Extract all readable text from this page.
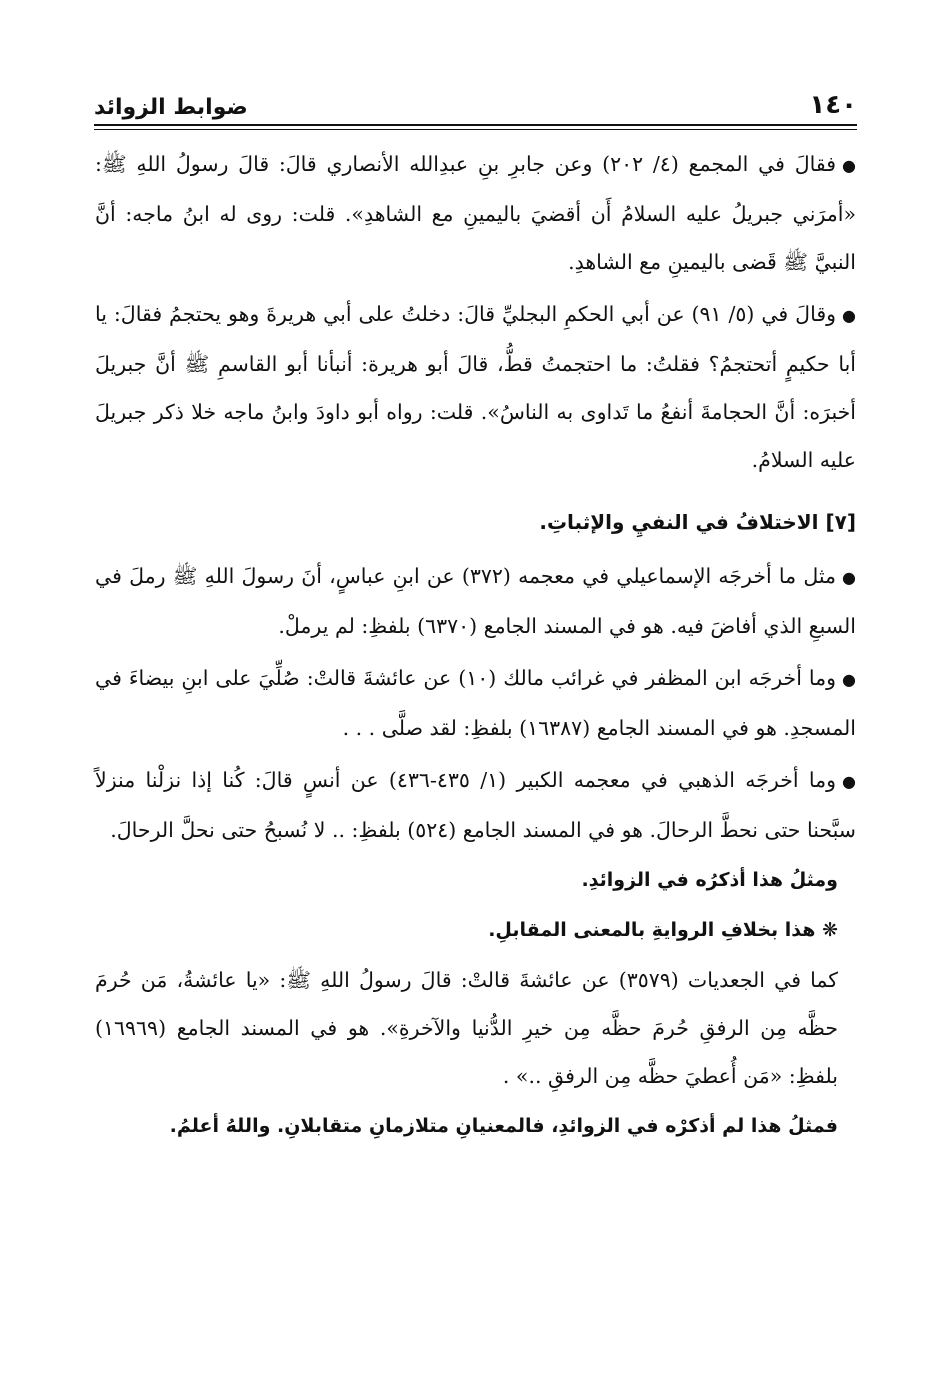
١٤٠
ضوابط الزوائد

●فقالَ في المجمع (٤/ ٢٠٢) وعن جابرِ بنِ عبدِالله الأنصاري قالَ: قالَ رسولُ اللهِ ﷺ: «أمرَني جبريلُ عليه السلامُ أَن أقضيَ باليمينِ مع الشاهدِ». قلت: روى له ابنُ ماجه: أنَّ النبيَّ ﷺ قَضى باليمينِ مع الشاهدِ.

●وقالَ في (٥/ ٩١) عن أبي الحكمِ البجليِّ قالَ: دخلتُ على أبي هريرةَ وهو يحتجمُ فقالَ: يا أبا حكيمٍ أتحتجمُ؟ فقلتُ: ما احتجمتُ قطُّ، قالَ أبو هريرة: أنبأنا أبو القاسمِ ﷺ أنَّ جبريلَ أخبرَه: أنَّ الحجامةَ أنفعُ ما تَداوى به الناسُ». قلت: رواه أبو داودَ وابنُ ماجه خلا ذكر جبريلَ عليه السلامُ.

[٧] الاختلافُ في النفيِ والإثباتِ.

●مثل ما أخرجَه الإسماعيلي في معجمه (٣٧٢) عن ابنِ عباسٍ، أنَ رسولَ اللهِ ﷺ رملَ في السبعِ الذي أفاضَ فيه. هو في المسند الجامع (٦٣٧٠) بلفظِ: لم يرملْ.

●وما أخرجَه ابن المظفر في غرائب مالك (١٠) عن عائشةَ قالتْ: صُلِّيَ على ابنِ بيضاءَ في المسجدِ. هو في المسند الجامع (١٦٣٨٧) بلفظِ: لقد صلَّى . . .

●وما أخرجَه الذهبي في معجمه الكبير (١/ ٤٣٥-٤٣٦) عن أنسٍ قالَ: كُنا إذا نزلْنا منزلاً سبَّحنا حتى نحطَّ الرحالَ. هو في المسند الجامع (٥٢٤) بلفظِ: .. لا نُسبحُ حتى نحلَّ الرحالَ.

ومثلُ هذا أذكرُه في الزوائدِ.
❋ هذا بخلافِ الروايةِ بالمعنى المقابلِ.

كما في الجعديات (٣٥٧٩) عن عائشةَ قالتْ: قالَ رسولُ اللهِ ﷺ: «يا عائشةُ، مَن حُرمَ حظَّه مِن الرفقِ حُرمَ حظَّه مِن خيرِ الدُّنيا والآخرةِ». هو في المسند الجامع (١٦٩٦٩) بلفظِ: «مَن أُعطيَ حظَّه مِن الرفقِ ..» .

فمثلُ هذا لم أذكرْه في الزوائدِ، فالمعنيانِ متلازمانِ متقابلانِ. واللهُ أعلمُ.
